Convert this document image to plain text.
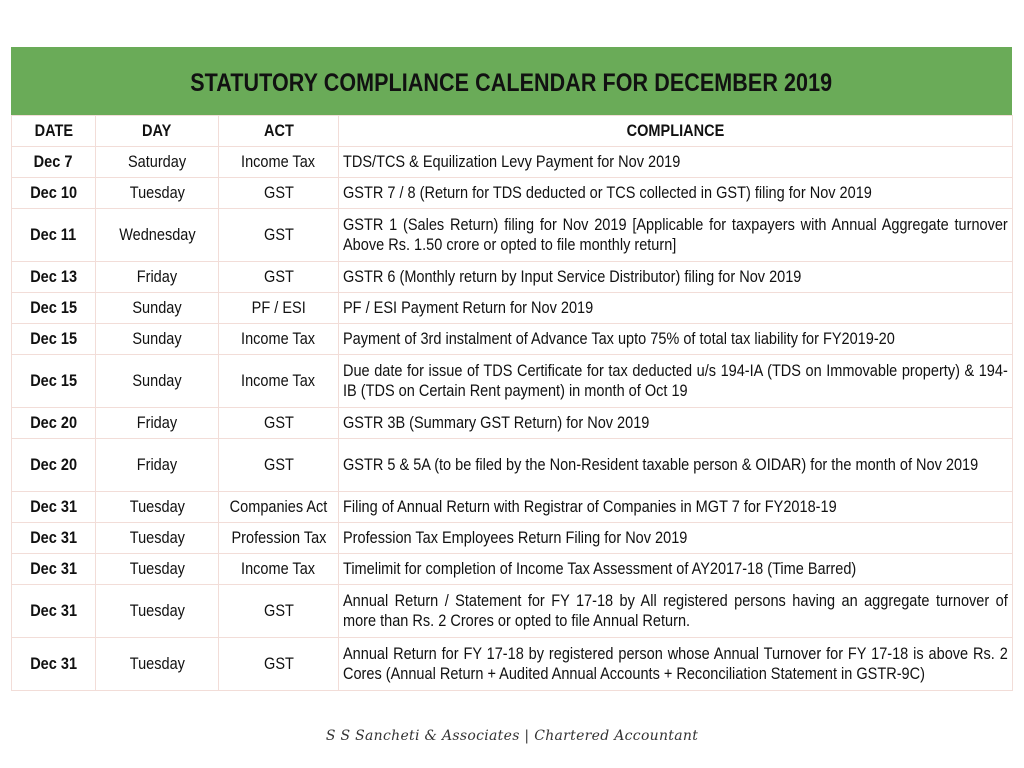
STATUTORY COMPLIANCE CALENDAR FOR DECEMBER 2019
DATE	DAY	ACT	COMPLIANCE
Dec 7	Saturday	Income Tax	TDS/TCS & Equilization Levy Payment for Nov 2019

Dec 10	Tuesday	GST	GSTR 7 / 8 (Return for TDS deducted or TCS collected in GST) filing for Nov 2019

Dec 11	Wednesday	GST	GSTR 1 (Sales Return) filing for Nov 2019 [Applicable for taxpayers with Annual Aggregate turnover Above Rs. 1.50 crore or opted to file monthly return]

Dec 13	Friday	GST	GSTR 6 (Monthly return by Input Service Distributor) filing for Nov 2019

Dec 15	Sunday	PF / ESI	PF / ESI Payment Return for Nov 2019

Dec 15	Sunday	Income Tax	Payment of 3rd instalment of Advance Tax upto 75% of total tax liability for FY2019-20

Dec 15	Sunday	Income Tax	Due date for issue of TDS Certificate for tax deducted u/s 194-IA (TDS on Immovable property) & 194-IB (TDS on Certain Rent payment) in month of Oct 19

Dec 20	Friday	GST	GSTR 3B (Summary GST Return) for Nov 2019

Dec 20	Friday	GST	GSTR 5 & 5A (to be filed by the Non-Resident taxable person & OIDAR) for the month of Nov 2019

Dec 31	Tuesday	Companies Act	Filing of Annual Return with Registrar of Companies in MGT 7 for FY2018-19

Dec 31	Tuesday	Profession Tax	Profession Tax Employees Return Filing for Nov 2019

Dec 31	Tuesday	Income Tax	Timelimit for completion of Income Tax Assessment of AY2017-18 (Time Barred)

Dec 31	Tuesday	GST	Annual Return / Statement for FY 17-18 by All registered persons having an aggregate turnover of more than Rs. 2 Crores or opted to file Annual Return.

Dec 31	Tuesday	GST	Annual Return for FY 17-18 by registered person whose Annual Turnover for FY 17-18 is above Rs. 2 Cores (Annual Return + Audited Annual Accounts + Reconciliation Statement in GSTR-9C)
S S Sancheti & Associates | Chartered Accountant
